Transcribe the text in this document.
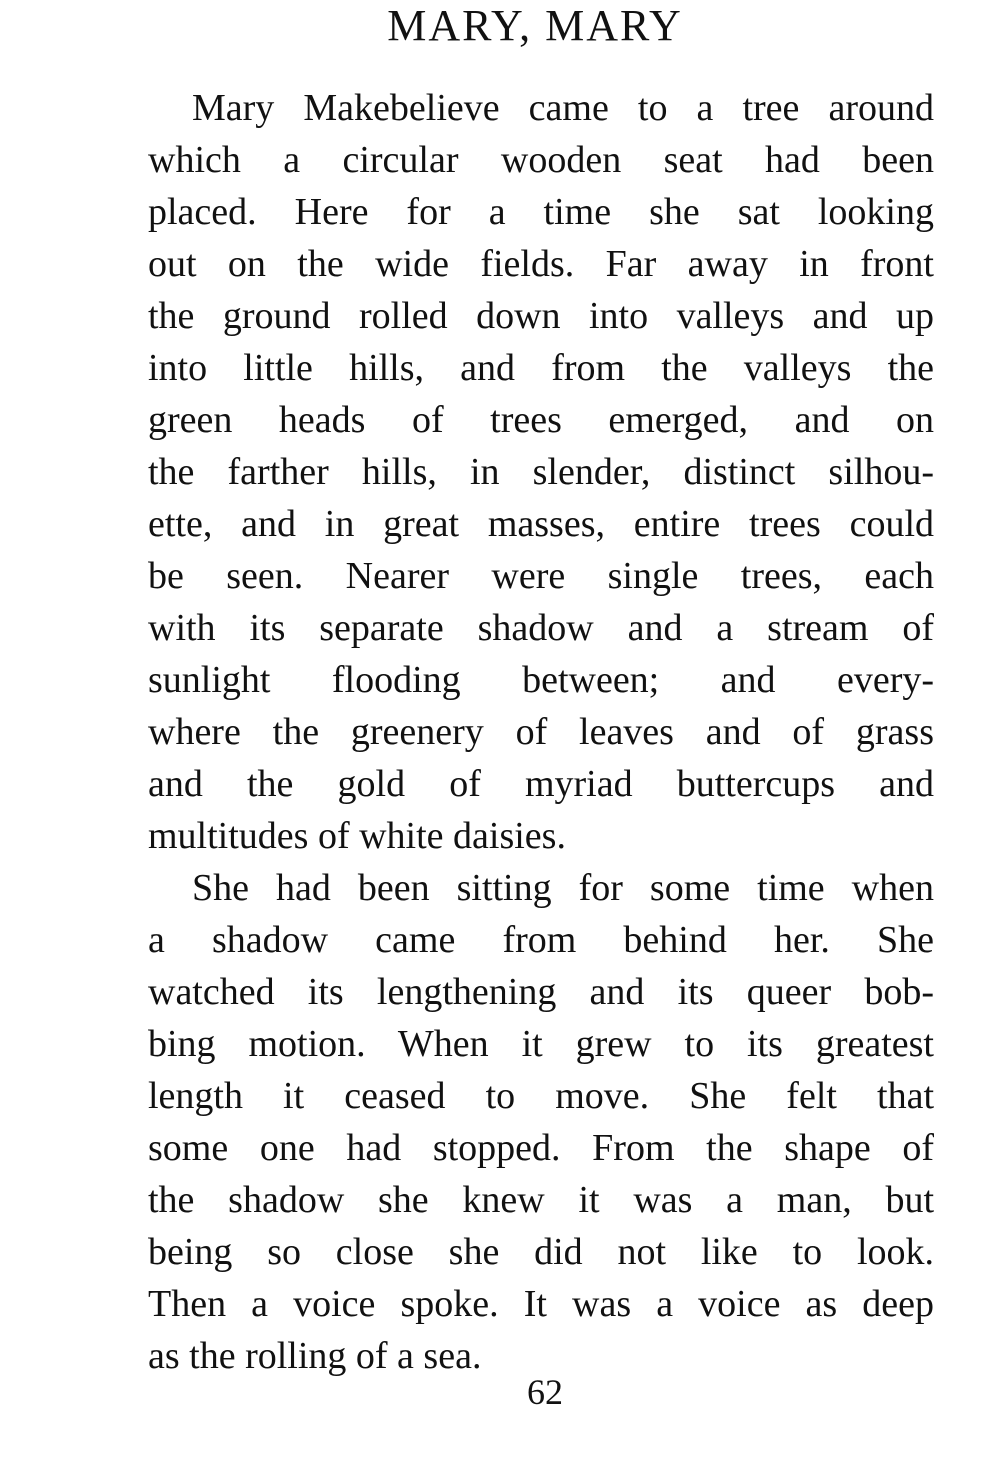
MARY, MARY
Mary Makebelieve came to a tree around
which a circular wooden seat had been
placed. Here for a time she sat looking
out on the wide fields. Far away in front
the ground rolled down into valleys and up
into little hills, and from the valleys the
green heads of trees emerged, and on
the farther hills, in slender, distinct silhou-
ette, and in great masses, entire trees could
be seen. Nearer were single trees, each
with its separate shadow and a stream of
sunlight flooding between; and every-
where the greenery of leaves and of grass
and the gold of myriad buttercups and
multitudes of white daisies.
She had been sitting for some time when
a shadow came from behind her. She
watched its lengthening and its queer bob-
bing motion. When it grew to its greatest
length it ceased to move. She felt that
some one had stopped. From the shape of
the shadow she knew it was a man, but
being so close she did not like to look.
Then a voice spoke. It was a voice as deep
as the rolling of a sea.
62
